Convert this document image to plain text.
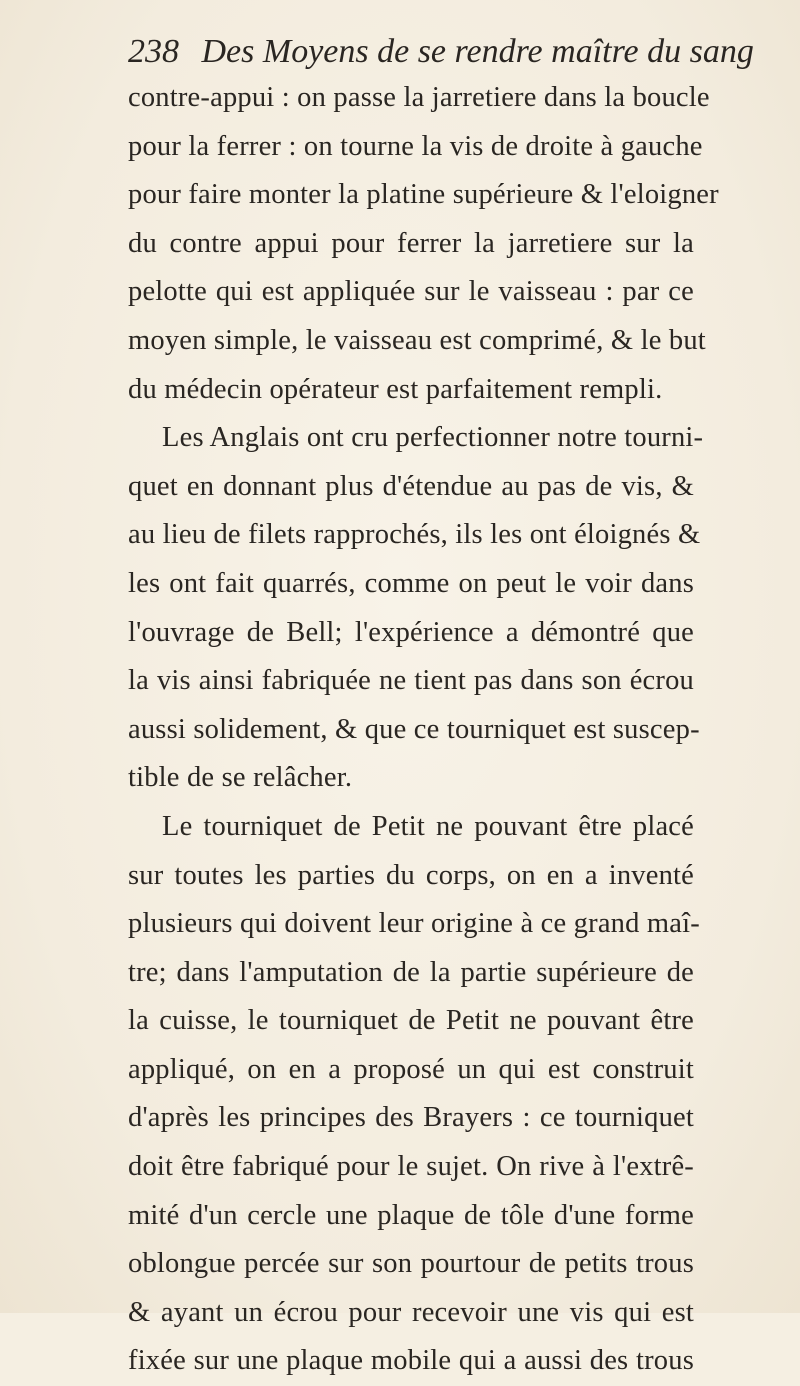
238 Des Moyens de se rendre maître du sang
contre-appui : on passe la jarretiere dans la boucle
pour la ferrer : on tourne la vis de droite à gauche
pour faire monter la platine supérieure & l'eloigner
du contre appui pour ferrer la jarretiere sur la
pelotte qui est appliquée sur le vaisseau : par ce
moyen simple, le vaisseau est comprimé, & le but
du médecin opérateur est parfaitement rempli.
Les Anglais ont cru perfectionner notre tourni-
quet en donnant plus d'étendue au pas de vis, &
au lieu de filets rapprochés, ils les ont éloignés &
les ont fait quarrés, comme on peut le voir dans
l'ouvrage de Bell; l'expérience a démontré que
la vis ainsi fabriquée ne tient pas dans son écrou
aussi solidement, & que ce tourniquet est suscep-
tible de se relâcher.
Le tourniquet de Petit ne pouvant être placé
sur toutes les parties du corps, on en a inventé
plusieurs qui doivent leur origine à ce grand maî-
tre; dans l'amputation de la partie supérieure de
la cuisse, le tourniquet de Petit ne pouvant être
appliqué, on en a proposé un qui est construit
d'après les principes des Brayers : ce tourniquet
doit être fabriqué pour le sujet. On rive à l'extrê-
mité d'un cercle une plaque de tôle d'une forme
oblongue percée sur son pourtour de petits trous
& ayant un écrou pour recevoir une vis qui est
fixée sur une plaque mobile qui a aussi des trous
